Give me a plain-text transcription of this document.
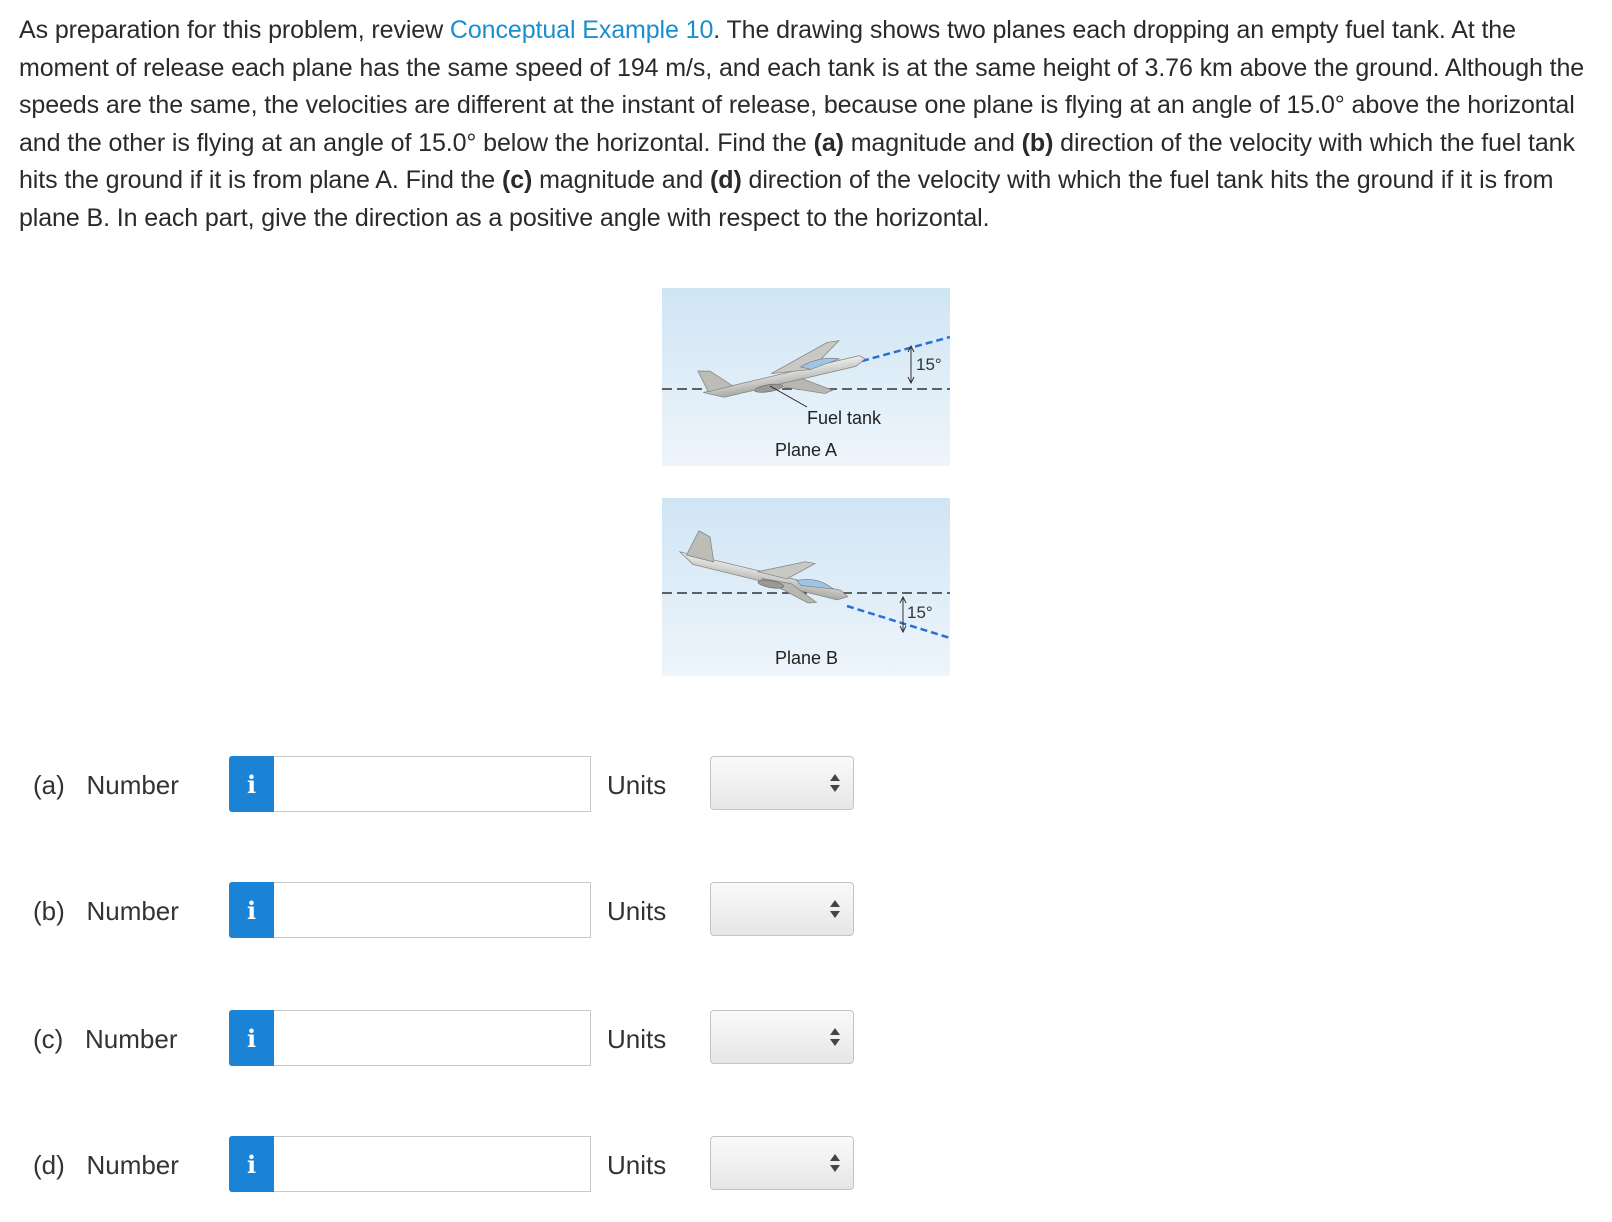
As preparation for this problem, review Conceptual Example 10. The drawing shows two planes each dropping an empty fuel tank. At the moment of release each plane has the same speed of 194 m/s, and each tank is at the same height of 3.76 km above the ground. Although the speeds are the same, the velocities are different at the instant of release, because one plane is flying at an angle of 15.0° above the horizontal and the other is flying at an angle of 15.0° below the horizontal. Find the (a) magnitude and (b) direction of the velocity with which the fuel tank hits the ground if it is from plane A. Find the (c) magnitude and (d) direction of the velocity with which the fuel tank hits the ground if it is from plane B. In each part, give the direction as a positive angle with respect to the horizontal.
15°
Fuel tank
Plane A
15°
Plane B
(a) Number	i	Units
(b) Number	i	Units
(c) Number	i	Units
(d) Number	i	Units
